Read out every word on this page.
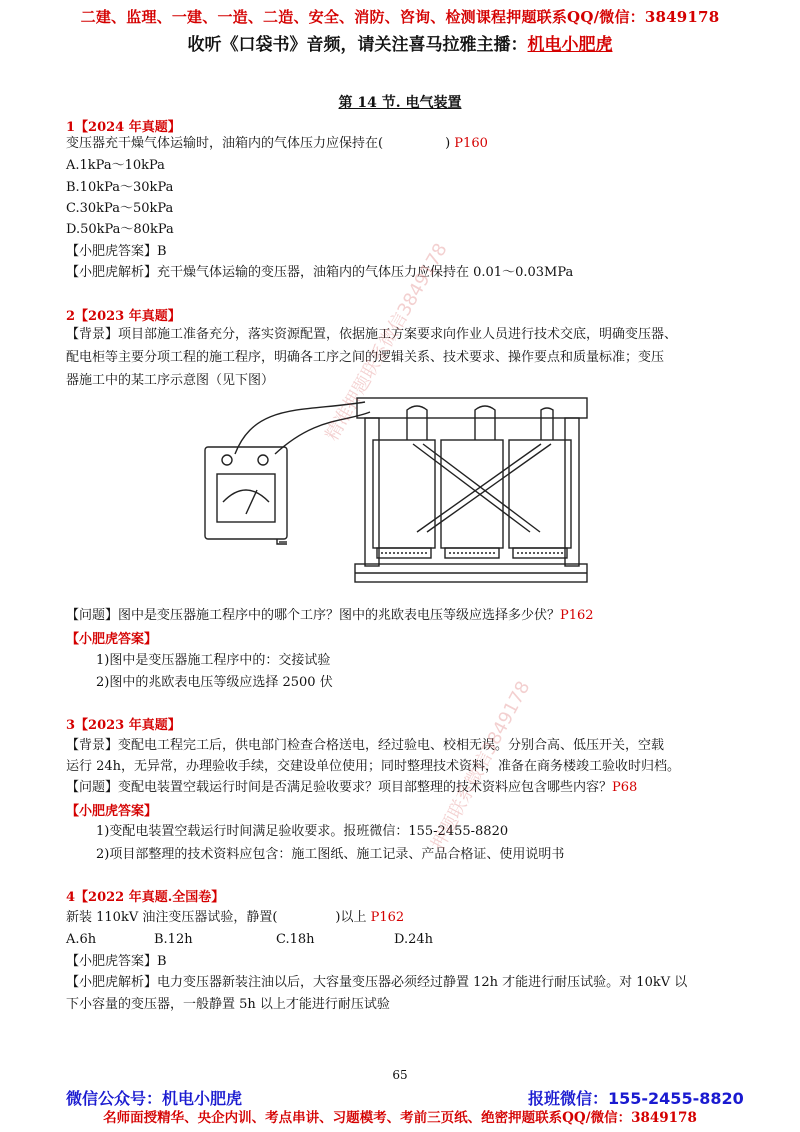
二建、监理、一建、一造、二造、安全、消防、咨询、检测课程押题联系QQ/微信：3849178
收听《口袋书》音频，请关注喜马拉雅主播：机电小肥虎
第 14 节. 电气装置
1【2024 年真题】
变压器充干燥气体运输时，油箱内的气体压力应保持在(	) P160
A.1kPa～10kPa
B.10kPa～30kPa
C.30kPa～50kPa
D.50kPa～80kPa
【小肥虎答案】B
【小肥虎解析】充干燥气体运输的变压器，油箱内的气体压力应保持在 0.01～0.03MPa
2【2023 年真题】
【背景】项目部施工准备充分，落实资源配置，依据施工方案要求向作业人员进行技术交底，明确变压器、
配电柜等主要分项工程的施工程序，明确各工序之间的逻辑关系、技术要求、操作要点和质量标准；变压
器施工中的某工序示意图（见下图）
【问题】图中是变压器施工程序中的哪个工序？图中的兆欧表电压等级应选择多少伏？P162
【小肥虎答案】
1)图中是变压器施工程序中的：交接试验
2)图中的兆欧表电压等级应选择 2500 伏
3【2023 年真题】
【背景】变配电工程完工后，供电部门检查合格送电，经过验电、校相无误。分别合高、低压开关，空载
运行 24h，无异常，办理验收手续，交建设单位使用；同时整理技术资料，准备在商务楼竣工验收时归档。
【问题】变配电装置空载运行时间是否满足验收要求？项目部整理的技术资料应包含哪些内容？P68
【小肥虎答案】
1)变配电装置空载运行时间满足验收要求。报班微信：155-2455-8820
2)项目部整理的技术资料应包含：施工图纸、施工记录、产品合格证、使用说明书
4【2022 年真题.全国卷】
新装 110kV 油注变压器试验，静置(	)以上 P162
A.6h	B.12h	C.18h	D.24h
【小肥虎答案】B
【小肥虎解析】电力变压器新装注油以后，大容量变压器必须经过静置 12h 才能进行耐压试验。对 10kV 以
下小容量的变压器，一般静置 5h 以上才能进行耐压试验
精准押题联系微信3849178
押题联系微信3849178
65
微信公众号：机电小肥虎	报班微信：155-2455-8820
名师面授精华、央企内训、考点串讲、习题模考、考前三页纸、绝密押题联系QQ/微信：3849178
